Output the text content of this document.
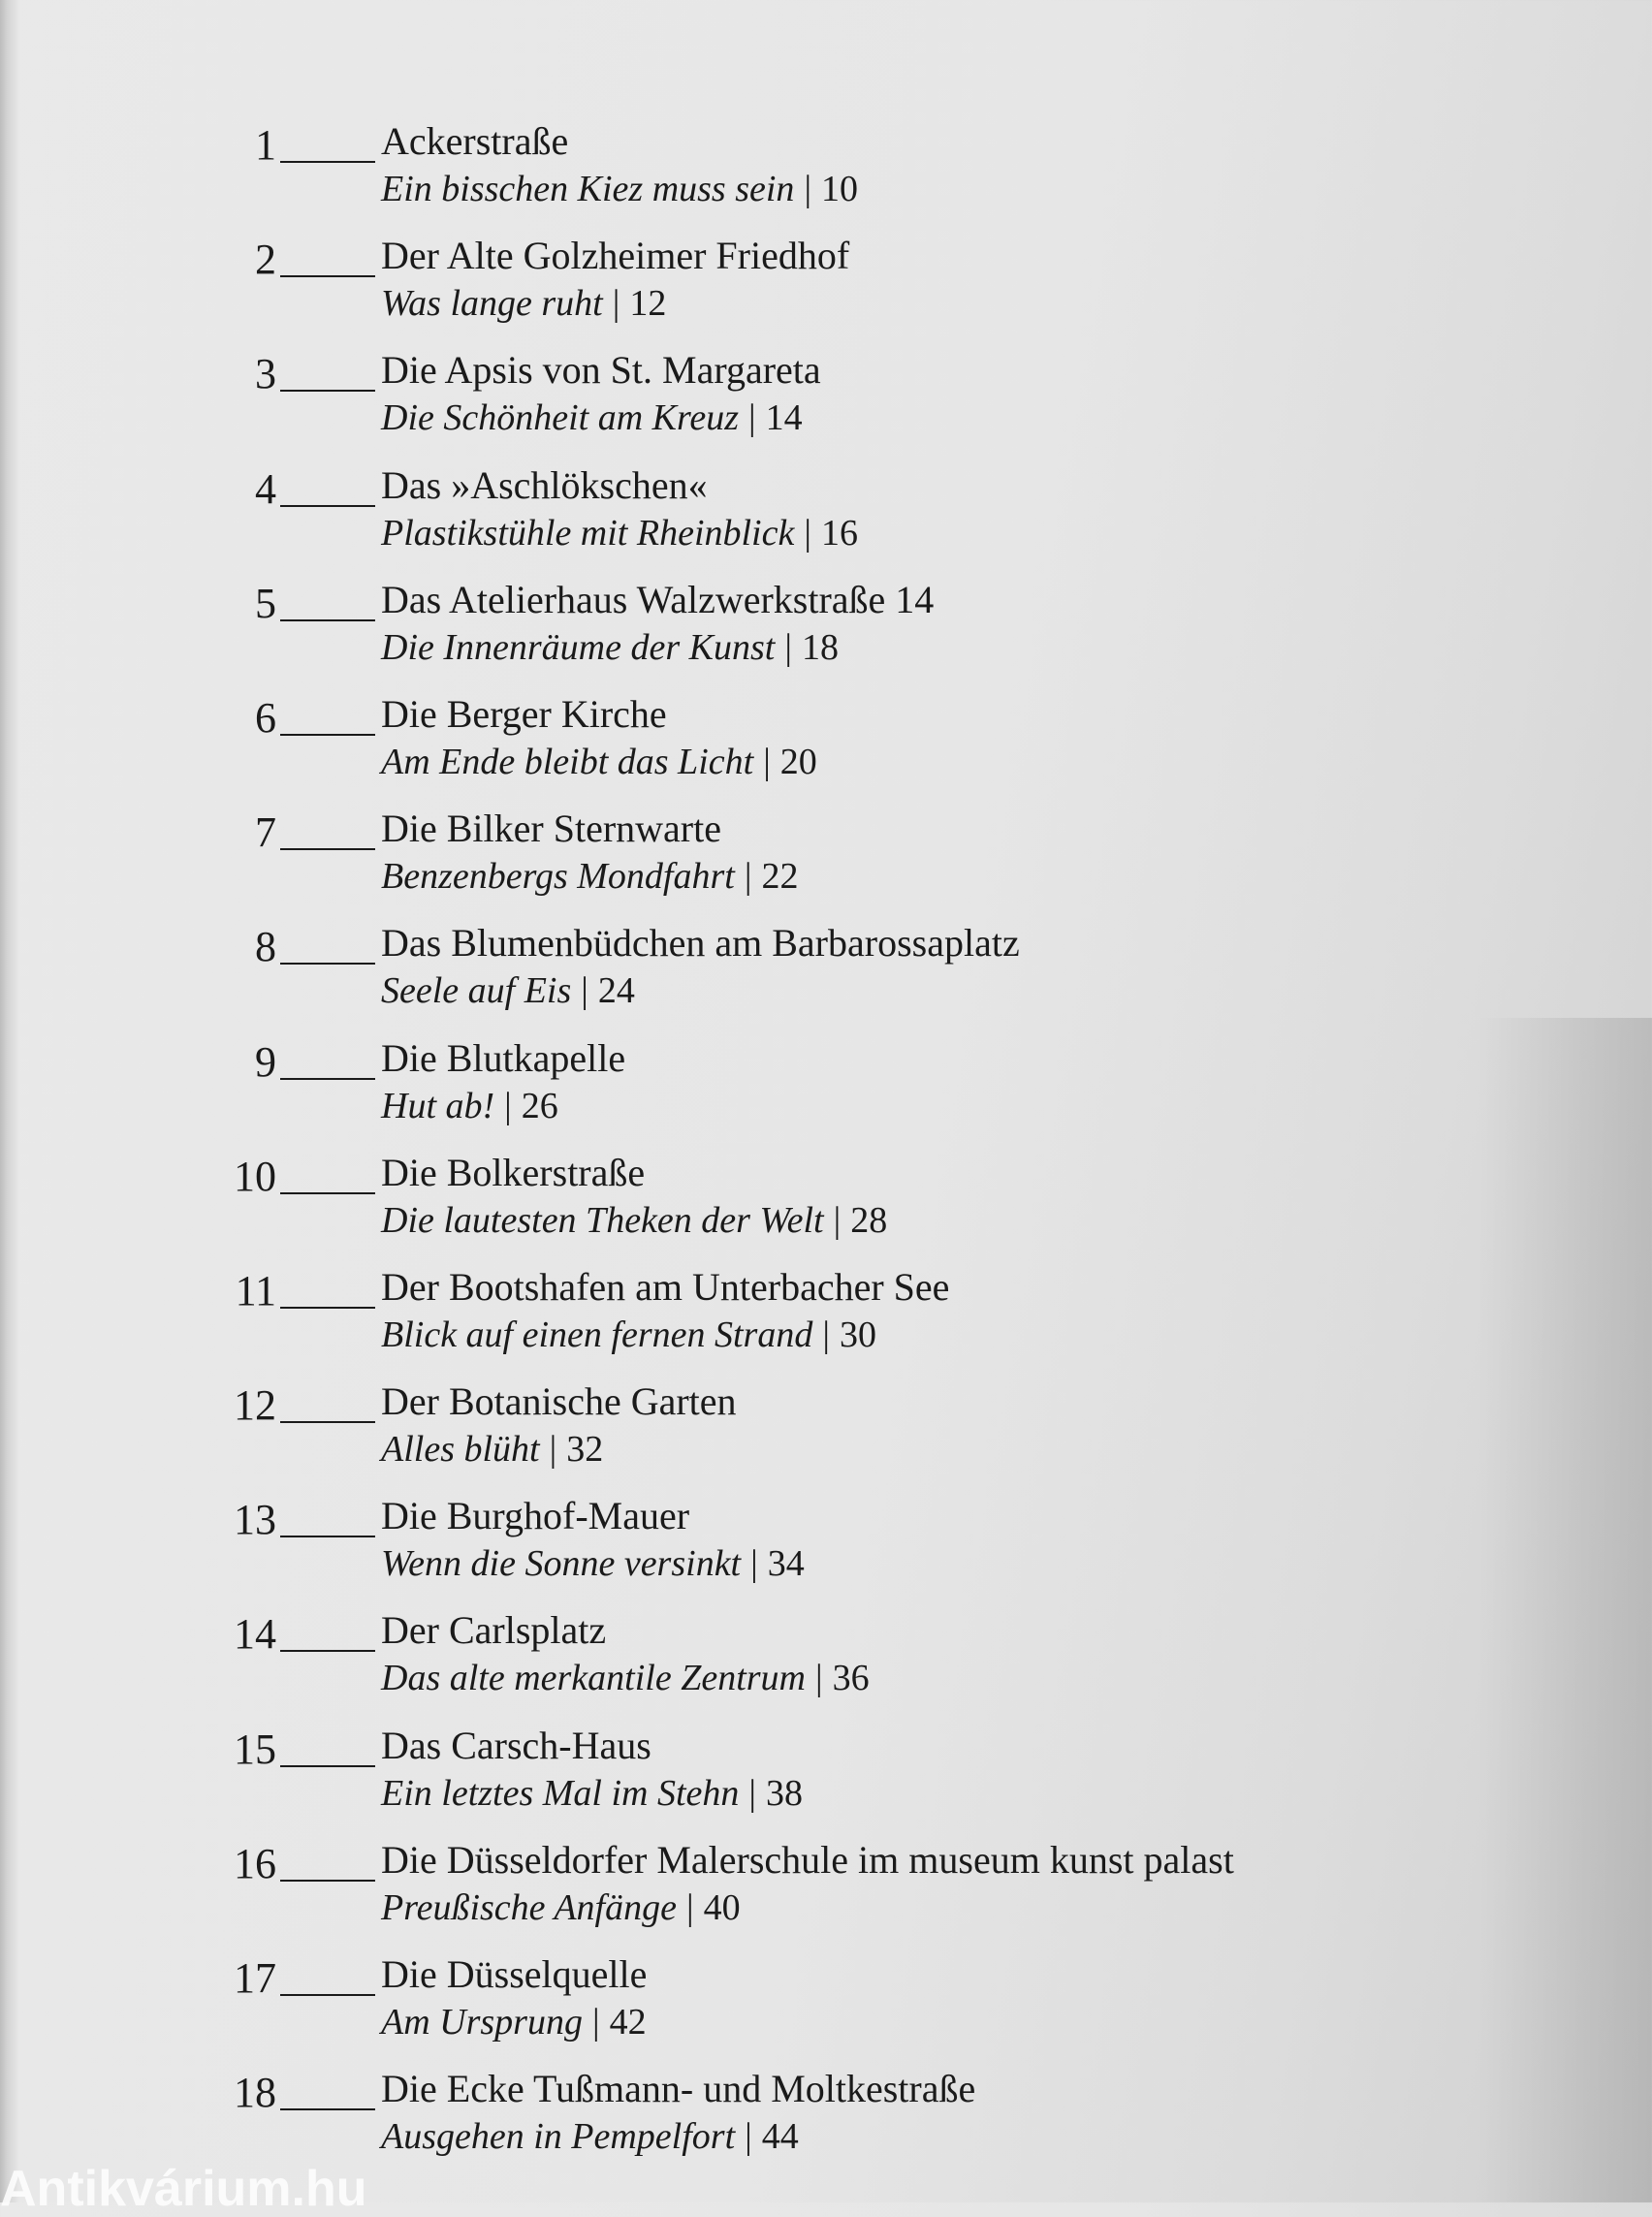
1	Ackerstraße
Ein bisschen Kiez muss sein | 10
2	Der Alte Golzheimer Friedhof
Was lange ruht | 12
3	Die Apsis von St. Margareta
Die Schönheit am Kreuz | 14
4	Das »Aschlökschen«
Plastikstühle mit Rheinblick | 16
5	Das Atelierhaus Walzwerkstraße 14
Die Innenräume der Kunst | 18
6	Die Berger Kirche
Am Ende bleibt das Licht | 20
7	Die Bilker Sternwarte
Benzenbergs Mondfahrt | 22
8	Das Blumenbüdchen am Barbarossaplatz
Seele auf Eis | 24
9	Die Blutkapelle
Hut ab! | 26
10	Die Bolkerstraße
Die lautesten Theken der Welt | 28
11	Der Bootshafen am Unterbacher See
Blick auf einen fernen Strand | 30
12	Der Botanische Garten
Alles blüht | 32
13	Die Burghof-Mauer
Wenn die Sonne versinkt | 34
14	Der Carlsplatz
Das alte merkantile Zentrum | 36
15	Das Carsch-Haus
Ein letztes Mal im Stehn | 38
16	Die Düsseldorfer Malerschule im museum kunst palast
Preußische Anfänge | 40
17	Die Düsselquelle
Am Ursprung | 42
18	Die Ecke Tußmann- und Moltkestraße
Ausgehen in Pempelfort | 44
Antikvárium.hu
